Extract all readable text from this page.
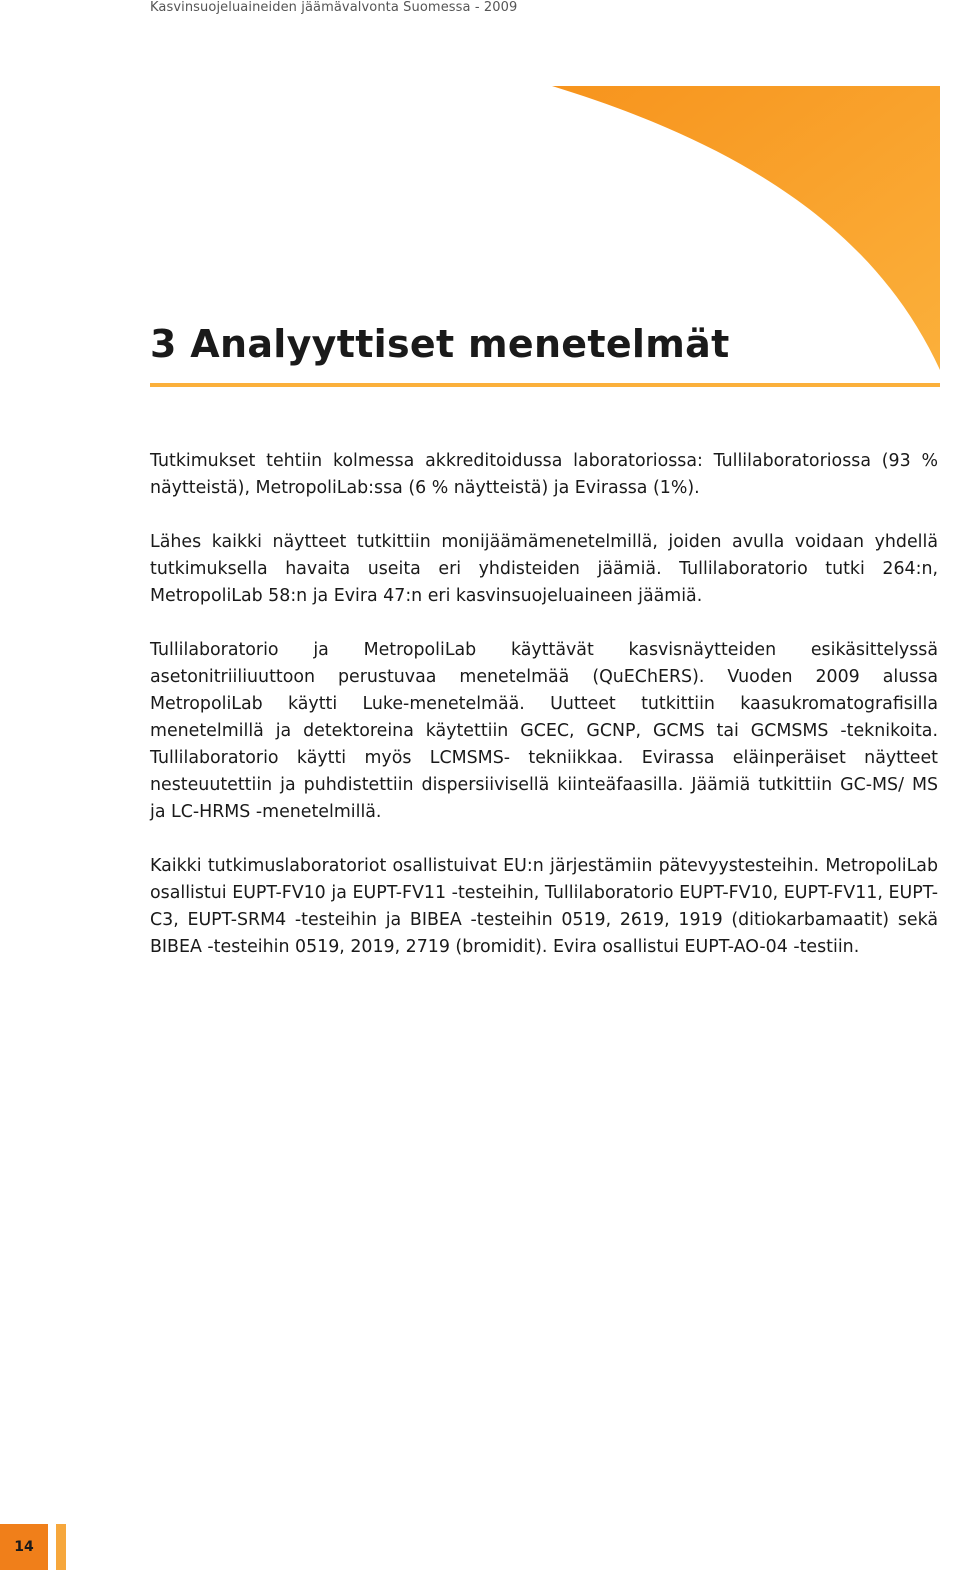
Kasvinsuojeluaineiden jäämävalvonta Suomessa - 2009
3 Analyyttiset menetelmät

Tutkimukset tehtiin kolmessa akkreditoidussa laboratoriossa: Tullilaboratoriossa (93 % näytteistä), MetropoliLab:ssa (6 % näytteistä) ja Evirassa (1%).

Lähes kaikki näytteet tutkittiin monijäämämenetelmillä, joiden avulla voidaan yhdellä tutkimuksella havaita useita eri yhdisteiden jäämiä. Tullilaboratorio tutki 264:n, MetropoliLab 58:n ja Evira 47:n eri kasvinsuojeluaineen jäämiä.

Tullilaboratorio ja MetropoliLab käyttävät kasvisnäytteiden esikäsittelyssä asetonitriiliuuttoon perustuvaa menetelmää (QuEChERS). Vuoden 2009 alussa MetropoliLab käytti Luke-menetelmää. Uutteet tutkittiin kaasukromatografisilla menetelmillä ja detektoreina käytettiin GCEC, GCNP, GCMS tai GCMSMS -teknikoita. Tullilaboratorio käytti myös LCMSMS- tekniikkaa. Evirassa eläinperäiset näytteet nesteuutettiin ja puhdistettiin dispersiivisellä kiinteäfaasilla. Jäämiä tutkittiin GC-MS/ MS ja LC-HRMS -menetelmillä.

Kaikki tutkimuslaboratoriot osallistuivat EU:n järjestämiin pätevyystesteihin. MetropoliLab osallistui EUPT-FV10 ja EUPT-FV11 -testeihin, Tullilaboratorio EUPT-FV10, EUPT-FV11, EUPT-C3, EUPT-SRM4 -testeihin ja BIBEA -testeihin 0519, 2619, 1919 (ditiokarbamaatit) sekä BIBEA -testeihin 0519, 2019, 2719 (bromidit). Evira osallistui EUPT-AO-04 -testiin.

14
